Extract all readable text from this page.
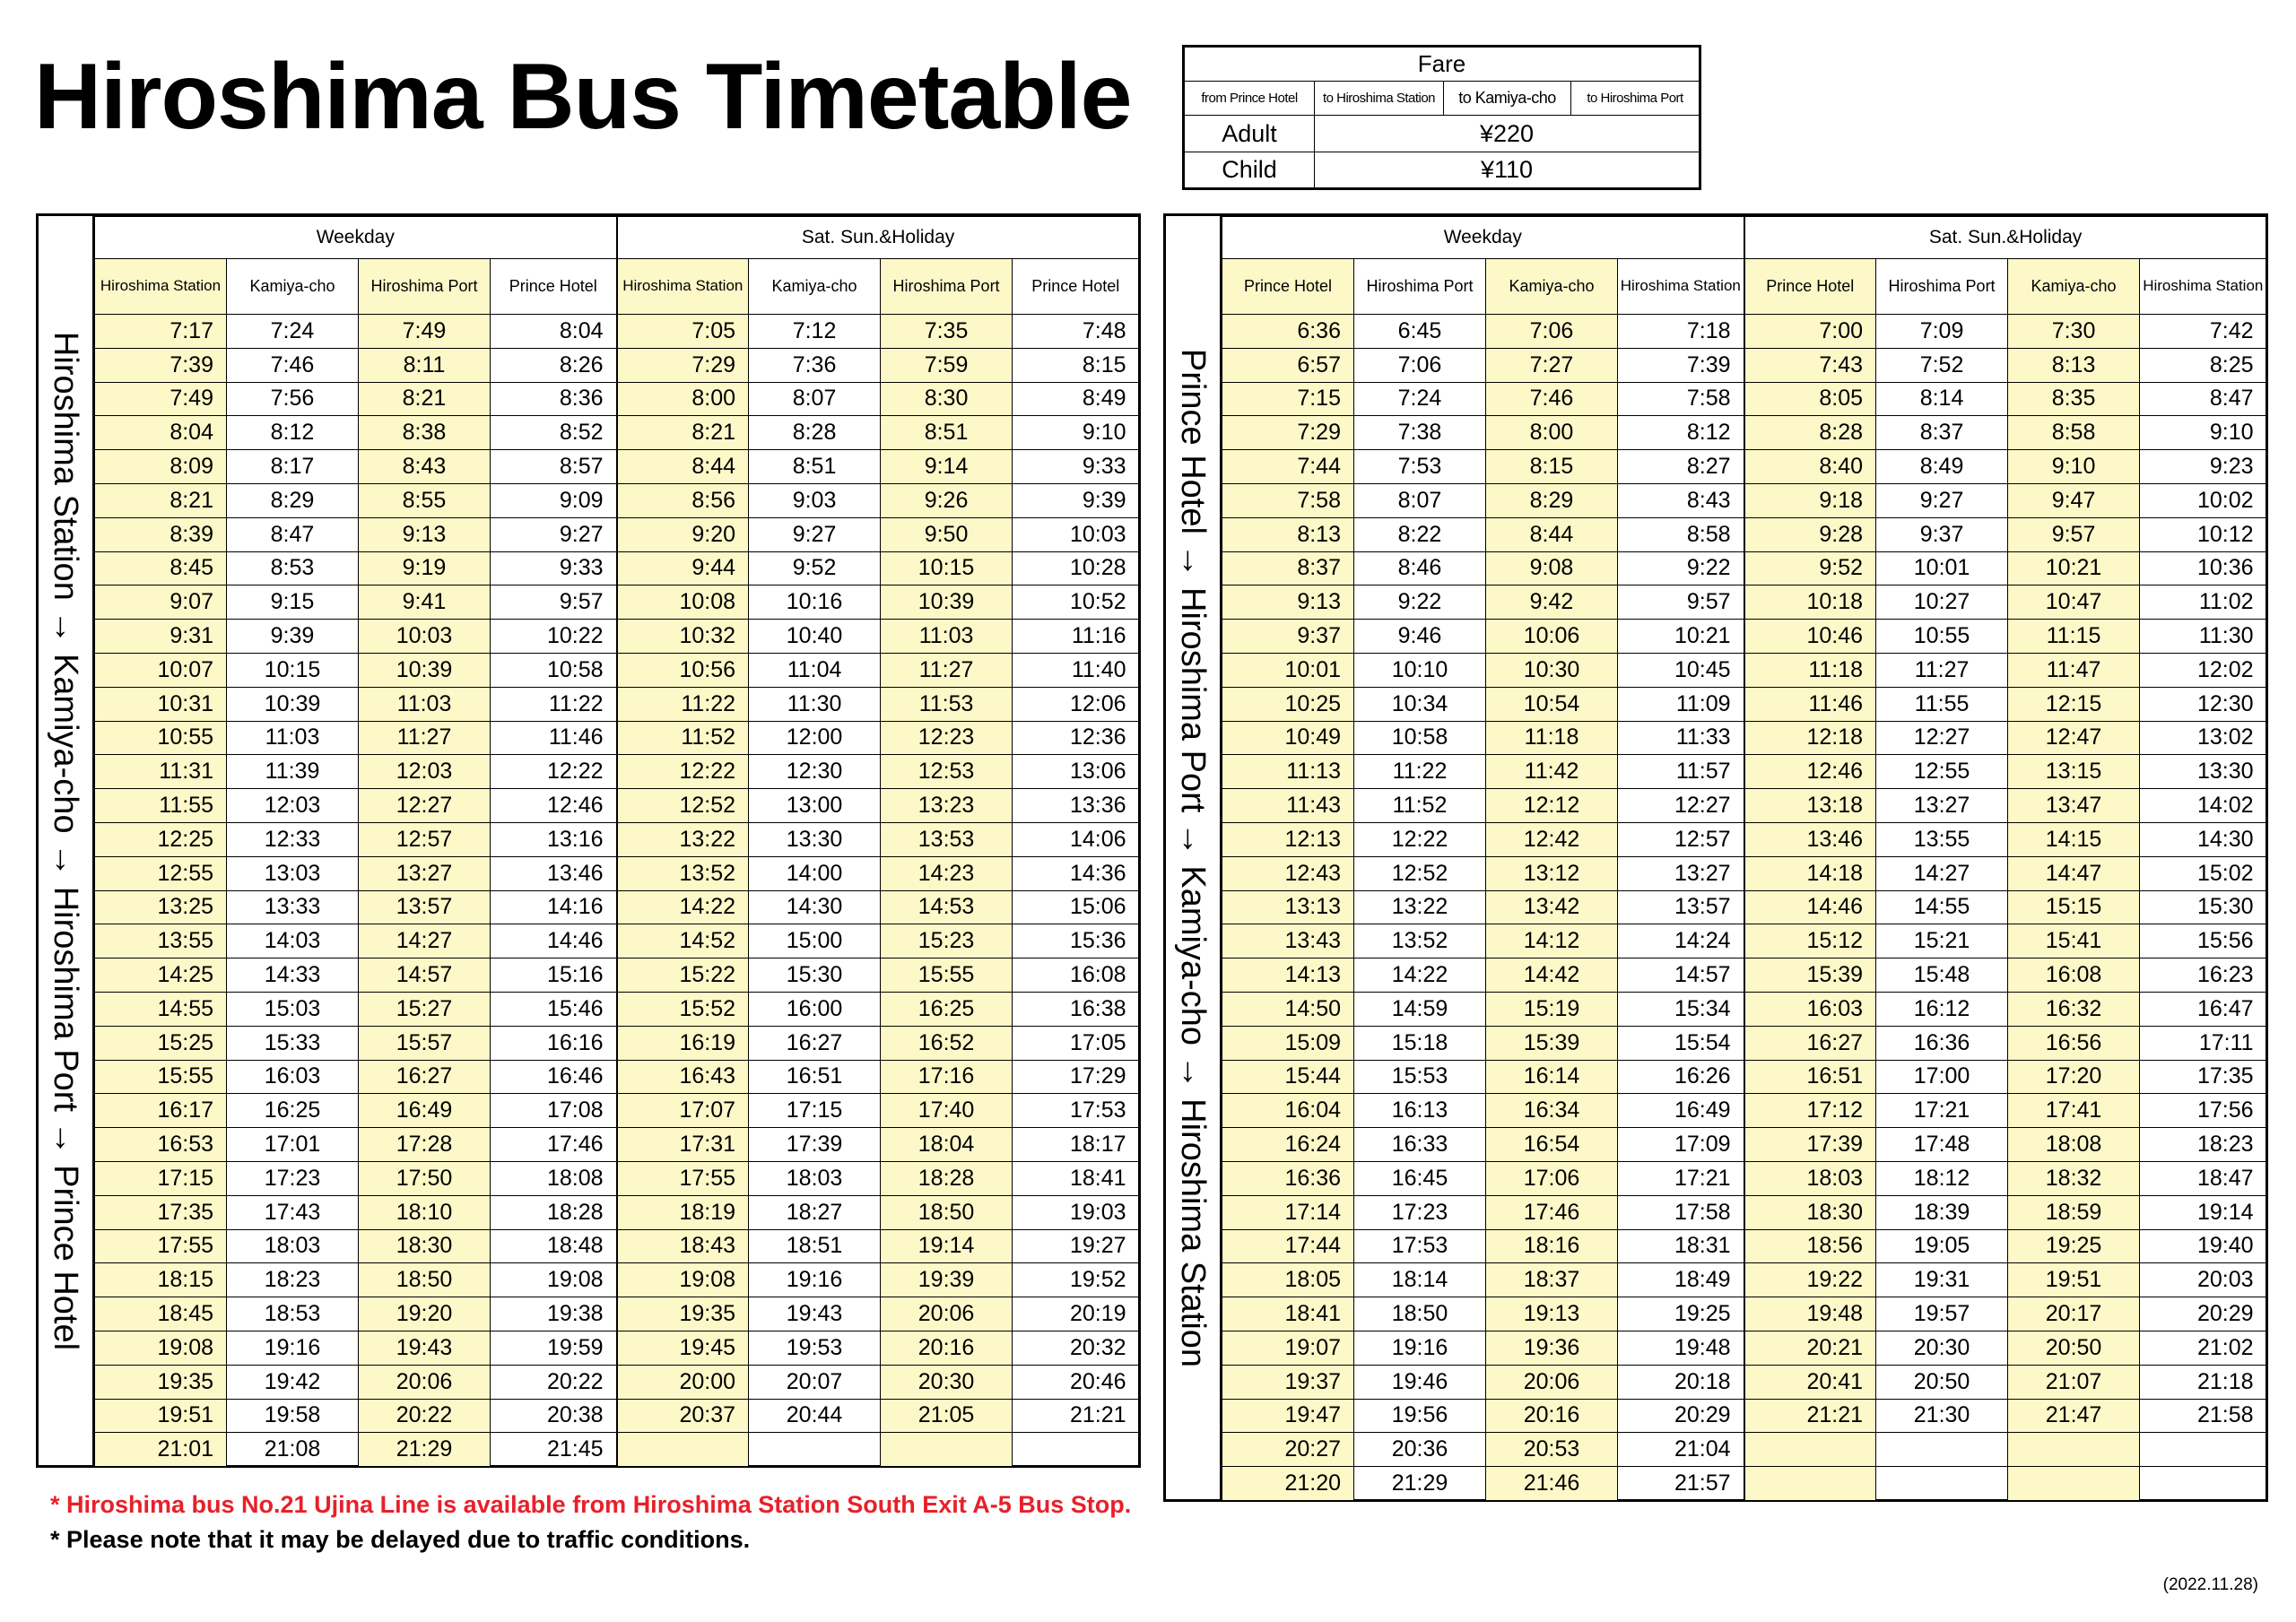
Hiroshima Bus Timetable	Fare			
from Prince Hotel	to Hiroshima Station	to Kamiya-cho	to Hiroshima Port
Adult	¥220		
Child	¥110		
Hiroshima Station → Kamiya-cho → Hiroshima Port → Prince Hotel
Weekday				Sat. Sun.&Holiday			
Hiroshima Station	Kamiya-cho	Hiroshima Port	Prince Hotel	Hiroshima Station	Kamiya-cho	Hiroshima Port	Prince Hotel
7:17	7:24	7:49	8:04	7:05	7:12	7:35	7:48
7:39	7:46	8:11	8:26	7:29	7:36	7:59	8:15
7:49	7:56	8:21	8:36	8:00	8:07	8:30	8:49
8:04	8:12	8:38	8:52	8:21	8:28	8:51	9:10
8:09	8:17	8:43	8:57	8:44	8:51	9:14	9:33
8:21	8:29	8:55	9:09	8:56	9:03	9:26	9:39
8:39	8:47	9:13	9:27	9:20	9:27	9:50	10:03
8:45	8:53	9:19	9:33	9:44	9:52	10:15	10:28
9:07	9:15	9:41	9:57	10:08	10:16	10:39	10:52
9:31	9:39	10:03	10:22	10:32	10:40	11:03	11:16
10:07	10:15	10:39	10:58	10:56	11:04	11:27	11:40
10:31	10:39	11:03	11:22	11:22	11:30	11:53	12:06
10:55	11:03	11:27	11:46	11:52	12:00	12:23	12:36
11:31	11:39	12:03	12:22	12:22	12:30	12:53	13:06
11:55	12:03	12:27	12:46	12:52	13:00	13:23	13:36
12:25	12:33	12:57	13:16	13:22	13:30	13:53	14:06
12:55	13:03	13:27	13:46	13:52	14:00	14:23	14:36
13:25	13:33	13:57	14:16	14:22	14:30	14:53	15:06
13:55	14:03	14:27	14:46	14:52	15:00	15:23	15:36
14:25	14:33	14:57	15:16	15:22	15:30	15:55	16:08
14:55	15:03	15:27	15:46	15:52	16:00	16:25	16:38
15:25	15:33	15:57	16:16	16:19	16:27	16:52	17:05
15:55	16:03	16:27	16:46	16:43	16:51	17:16	17:29
16:17	16:25	16:49	17:08	17:07	17:15	17:40	17:53
16:53	17:01	17:28	17:46	17:31	17:39	18:04	18:17
17:15	17:23	17:50	18:08	17:55	18:03	18:28	18:41
17:35	17:43	18:10	18:28	18:19	18:27	18:50	19:03
17:55	18:03	18:30	18:48	18:43	18:51	19:14	19:27
18:15	18:23	18:50	19:08	19:08	19:16	19:39	19:52
18:45	18:53	19:20	19:38	19:35	19:43	20:06	20:19
19:08	19:16	19:43	19:59	19:45	19:53	20:16	20:32
19:35	19:42	20:06	20:22	20:00	20:07	20:30	20:46
19:51	19:58	20:22	20:38	20:37	20:44	21:05	21:21
21:01	21:08	21:29	21:45				
Prince Hotel → Hiroshima Port → Kamiya-cho → Hiroshima Station
Weekday				Sat. Sun.&Holiday			
Prince Hotel	Hiroshima Port	Kamiya-cho	Hiroshima Station	Prince Hotel	Hiroshima Port	Kamiya-cho	Hiroshima Station
6:36	6:45	7:06	7:18	7:00	7:09	7:30	7:42
6:57	7:06	7:27	7:39	7:43	7:52	8:13	8:25
7:15	7:24	7:46	7:58	8:05	8:14	8:35	8:47
7:29	7:38	8:00	8:12	8:28	8:37	8:58	9:10
7:44	7:53	8:15	8:27	8:40	8:49	9:10	9:23
7:58	8:07	8:29	8:43	9:18	9:27	9:47	10:02
8:13	8:22	8:44	8:58	9:28	9:37	9:57	10:12
8:37	8:46	9:08	9:22	9:52	10:01	10:21	10:36
9:13	9:22	9:42	9:57	10:18	10:27	10:47	11:02
9:37	9:46	10:06	10:21	10:46	10:55	11:15	11:30
10:01	10:10	10:30	10:45	11:18	11:27	11:47	12:02
10:25	10:34	10:54	11:09	11:46	11:55	12:15	12:30
10:49	10:58	11:18	11:33	12:18	12:27	12:47	13:02
11:13	11:22	11:42	11:57	12:46	12:55	13:15	13:30
11:43	11:52	12:12	12:27	13:18	13:27	13:47	14:02
12:13	12:22	12:42	12:57	13:46	13:55	14:15	14:30
12:43	12:52	13:12	13:27	14:18	14:27	14:47	15:02
13:13	13:22	13:42	13:57	14:46	14:55	15:15	15:30
13:43	13:52	14:12	14:24	15:12	15:21	15:41	15:56
14:13	14:22	14:42	14:57	15:39	15:48	16:08	16:23
14:50	14:59	15:19	15:34	16:03	16:12	16:32	16:47
15:09	15:18	15:39	15:54	16:27	16:36	16:56	17:11
15:44	15:53	16:14	16:26	16:51	17:00	17:20	17:35
16:04	16:13	16:34	16:49	17:12	17:21	17:41	17:56
16:24	16:33	16:54	17:09	17:39	17:48	18:08	18:23
16:36	16:45	17:06	17:21	18:03	18:12	18:32	18:47
17:14	17:23	17:46	17:58	18:30	18:39	18:59	19:14
17:44	17:53	18:16	18:31	18:56	19:05	19:25	19:40
18:05	18:14	18:37	18:49	19:22	19:31	19:51	20:03
18:41	18:50	19:13	19:25	19:48	19:57	20:17	20:29
19:07	19:16	19:36	19:48	20:21	20:30	20:50	21:02
19:37	19:46	20:06	20:18	20:41	20:50	21:07	21:18
19:47	19:56	20:16	20:29	21:21	21:30	21:47	21:58
20:27	20:36	20:53	21:04				
21:20	21:29	21:46	21:57				
* Hiroshima bus No.21 Ujina Line is available from Hiroshima Station South Exit A-5 Bus Stop.
* Please note that it may be delayed due to traffic conditions.
(2022.11.28)
